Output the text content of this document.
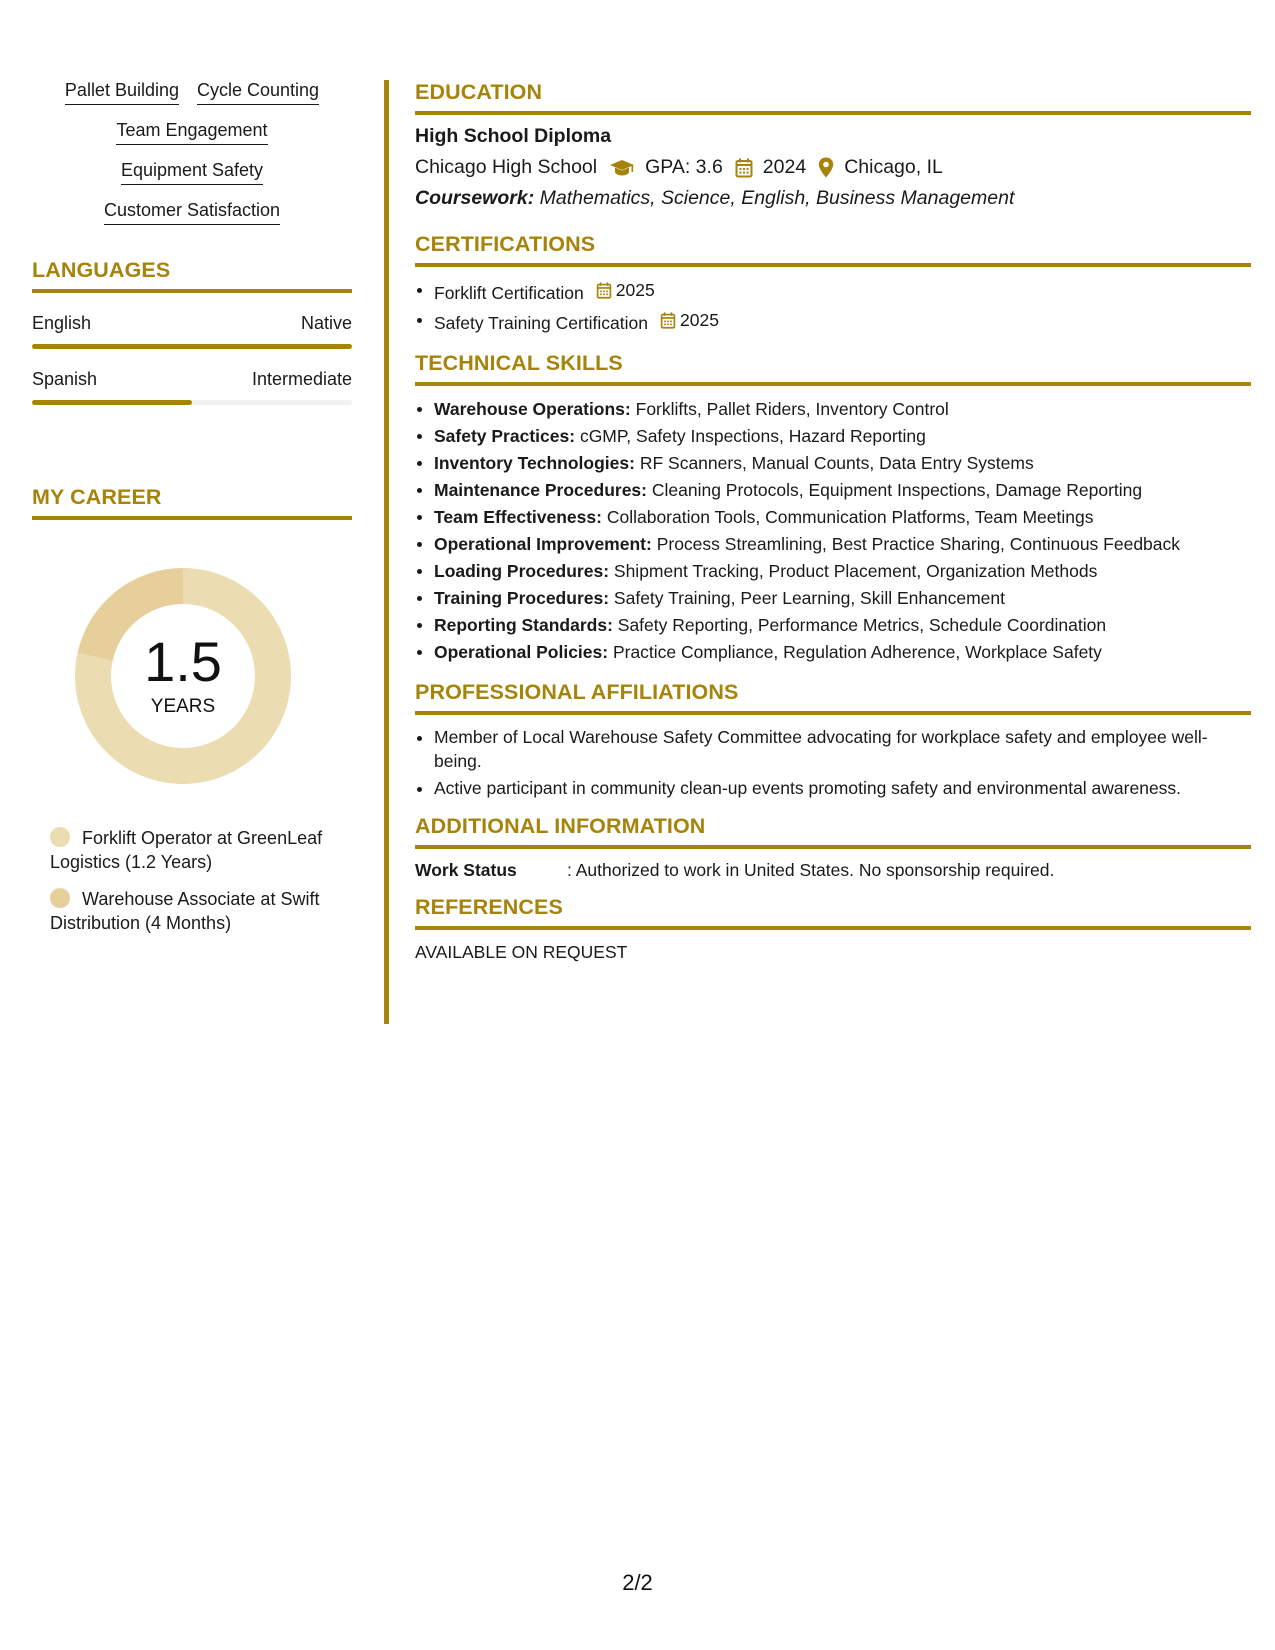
Pallet Building Cycle Counting
Team Engagement
Equipment Safety
Customer Satisfaction
LANGUAGES
English	Native
Spanish	Intermediate
MY CAREER
1.5
YEARS
Forklift Operator at GreenLeaf Logistics (1.2 Years)
Warehouse Associate at Swift Distribution (4 Months)
EDUCATION
High School Diploma
Chicago High School GPA: 3.6 2024 Chicago, IL
Coursework: Mathematics, Science, English, Business Management
CERTIFICATIONS
Forklift Certification 2025
Safety Training Certification 2025
TECHNICAL SKILLS
Warehouse Operations: Forklifts, Pallet Riders, Inventory Control
Safety Practices: cGMP, Safety Inspections, Hazard Reporting
Inventory Technologies: RF Scanners, Manual Counts, Data Entry Systems
Maintenance Procedures: Cleaning Protocols, Equipment Inspections, Damage Reporting
Team Effectiveness: Collaboration Tools, Communication Platforms, Team Meetings
Operational Improvement: Process Streamlining, Best Practice Sharing, Continuous Feedback
Loading Procedures: Shipment Tracking, Product Placement, Organization Methods
Training Procedures: Safety Training, Peer Learning, Skill Enhancement
Reporting Standards: Safety Reporting, Performance Metrics, Schedule Coordination
Operational Policies: Practice Compliance, Regulation Adherence, Workplace Safety
PROFESSIONAL AFFILIATIONS
Member of Local Warehouse Safety Committee advocating for workplace safety and employee well-being.
Active participant in community clean-up events promoting safety and environmental awareness.
ADDITIONAL INFORMATION
Work Status	: Authorized to work in United States. No sponsorship required.
REFERENCES
AVAILABLE ON REQUEST
2/2
